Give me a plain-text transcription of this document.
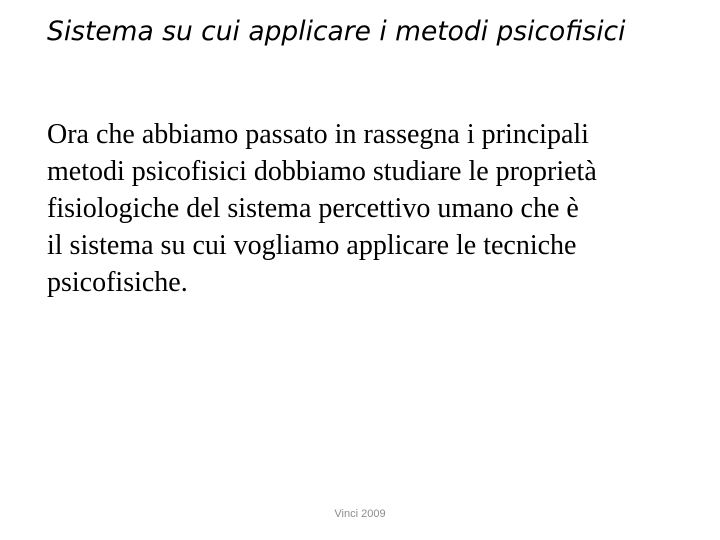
Sistema su cui applicare i metodi psicofisici

Ora che abbiamo passato in rassegna i principali
metodi psicofisici dobbiamo studiare le proprietà
fisiologiche del sistema percettivo umano che è
il sistema su cui vogliamo applicare le tecniche
psicofisiche.

Vinci 2009
